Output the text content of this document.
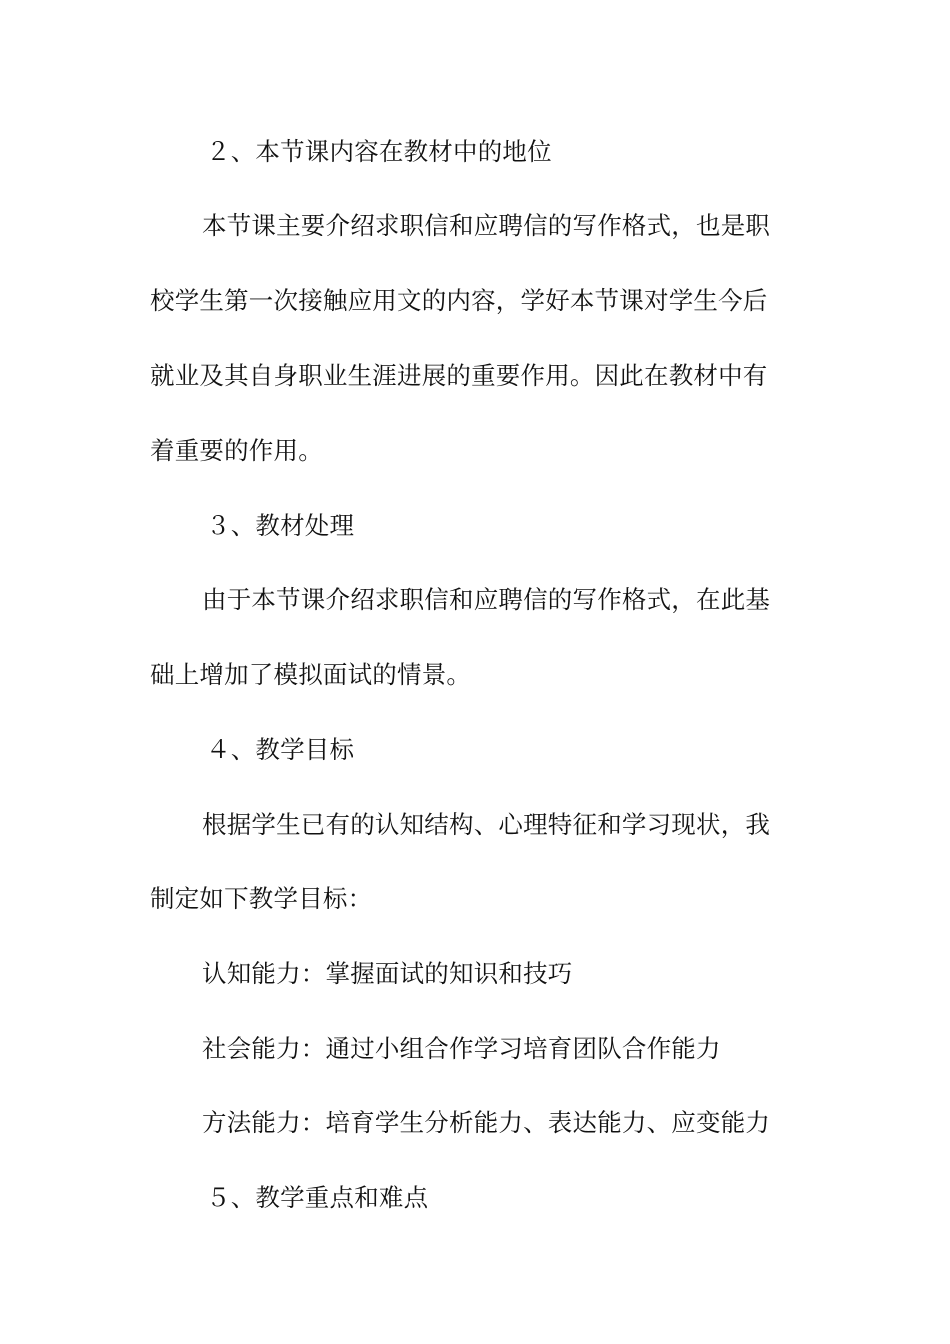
２、本节课内容在教材中的地位
本节课主要介绍求职信和应聘信的写作格式，也是职
校学生第一次接触应用文的内容，学好本节课对学生今后
就业及其自身职业生涯进展的重要作用。因此在教材中有
着重要的作用。
３、教材处理
由于本节课介绍求职信和应聘信的写作格式，在此基
础上增加了模拟面试的情景。
４、教学目标
根据学生已有的认知结构、心理特征和学习现状，我
制定如下教学目标：
认知能力：掌握面试的知识和技巧
社会能力：通过小组合作学习培育团队合作能力
方法能力：培育学生分析能力、表达能力、应变能力
５、教学重点和难点
